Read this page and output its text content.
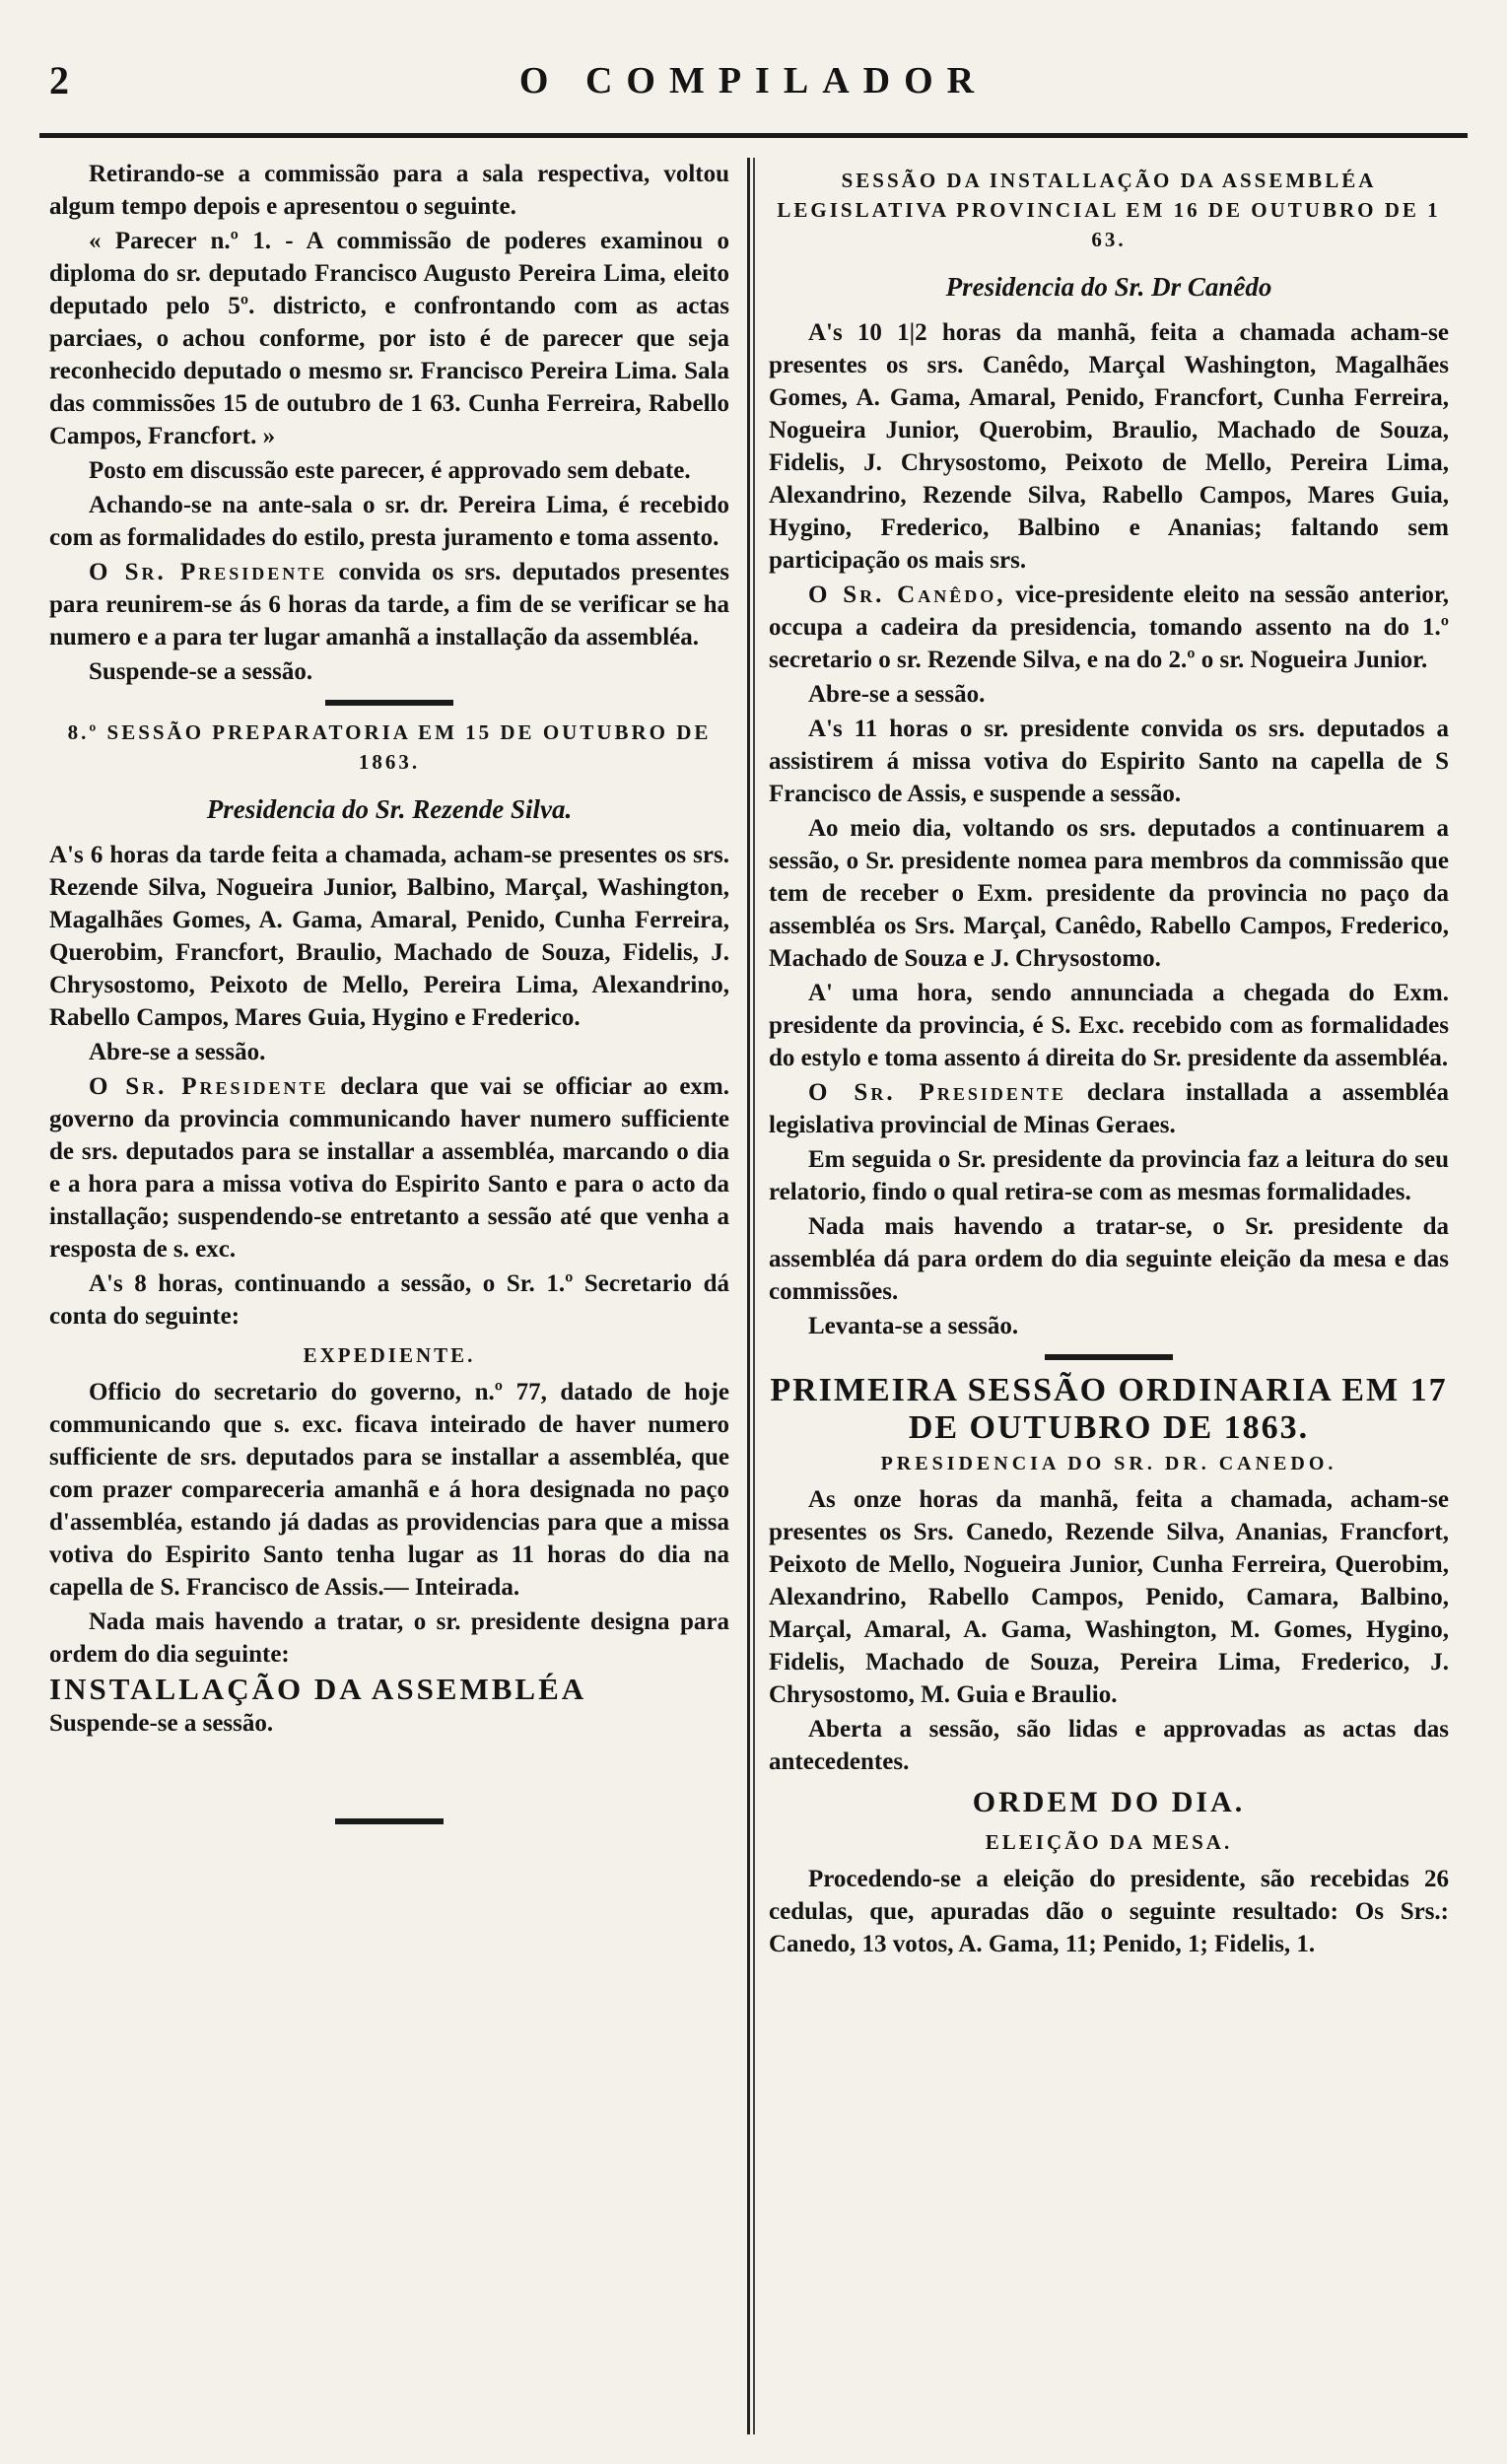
2	O COMPILADOR

Retirando-se a commissão para a sala respectiva, voltou algum tempo depois e apresentou o seguinte.

« Parecer n.º 1. - A commissão de poderes examinou o diploma do sr. deputado Francisco Augusto Pereira Lima, eleito deputado pelo 5º. districto, e confrontando com as actas parciaes, o achou conforme, por isto é de parecer que seja reconhecido deputado o mesmo sr. Francisco Pereira Lima. Sala das commissões 15 de outubro de 1 63. Cunha Ferreira, Rabello Campos, Francfort. »

Posto em discussão este parecer, é approvado sem debate.

Achando-se na ante-sala o sr. dr. Pereira Lima, é recebido com as formalidades do estilo, presta juramento e toma assento.

O Sr. Presidente convida os srs. deputados presentes para reunirem-se ás 6 horas da tarde, a fim de se verificar se ha numero e a para ter lugar amanhã a installação da assembléa.

Suspende-se a sessão.

8.º SESSÃO PREPARATORIA EM 15 DE OUTUBRO DE 1863.
Presidencia do Sr. Rezende Silva.

A's 6 horas da tarde feita a chamada, acham-se presentes os srs. Rezende Silva, Nogueira Junior, Balbino, Marçal, Washington, Magalhães Gomes, A. Gama, Amaral, Penido, Cunha Ferreira, Querobim, Francfort, Braulio, Machado de Souza, Fidelis, J. Chrysostomo, Peixoto de Mello, Pereira Lima, Alexandrino, Rabello Campos, Mares Guia, Hygino e Frederico.

Abre-se a sessão.

O Sr. Presidente declara que vai se officiar ao exm. governo da provincia communicando haver numero sufficiente de srs. deputados para se installar a assembléa, marcando o dia e a hora para a missa votiva do Espirito Santo e para o acto da installação; suspendendo-se entretanto a sessão até que venha a resposta de s. exc.

A's 8 horas, continuando a sessão, o Sr. 1.º Secretario dá conta do seguinte:

EXPEDIENTE.

Officio do secretario do governo, n.º 77, datado de hoje communicando que s. exc. ficava inteirado de haver numero sufficiente de srs. deputados para se installar a assembléa, que com prazer compareceria amanhã e á hora designada no paço d'assembléa, estando já dadas as providencias para que a missa votiva do Espirito Santo tenha lugar as 11 horas do dia na capella de S. Francisco de Assis.— Inteirada.

Nada mais havendo a tratar, o sr. presidente designa para ordem do dia seguinte:

INSTALLAÇÃO DA ASSEMBLÉA

Suspende-se a sessão.

SESSÃO DA INSTALLAÇÃO DA ASSEMBLÉA LEGISLATIVA PROVINCIAL EM 16 DE OUTUBRO DE 1 63.
Presidencia do Sr. Dr Canêdo

A's 10 1|2 horas da manhã, feita a chamada acham-se presentes os srs. Canêdo, Marçal Washington, Magalhães Gomes, A. Gama, Amaral, Penido, Francfort, Cunha Ferreira, Nogueira Junior, Querobim, Braulio, Machado de Souza, Fidelis, J. Chrysostomo, Peixoto de Mello, Pereira Lima, Alexandrino, Rezende Silva, Rabello Campos, Mares Guia, Hygino, Frederico, Balbino e Ananias; faltando sem participação os mais srs.

O Sr. Canêdo, vice-presidente eleito na sessão anterior, occupa a cadeira da presidencia, tomando assento na do 1.º secretario o sr. Rezende Silva, e na do 2.º o sr. Nogueira Junior.

Abre-se a sessão.

A's 11 horas o sr. presidente convida os srs. deputados a assistirem á missa votiva do Espirito Santo na capella de S Francisco de Assis, e suspende a sessão.

Ao meio dia, voltando os srs. deputados a continuarem a sessão, o Sr. presidente nomea para membros da commissão que tem de receber o Exm. presidente da provincia no paço da assembléa os Srs. Marçal, Canêdo, Rabello Campos, Frederico, Machado de Souza e J. Chrysostomo.

A' uma hora, sendo annunciada a chegada do Exm. presidente da provincia, é S. Exc. recebido com as formalidades do estylo e toma assento á direita do Sr. presidente da assembléa.

O Sr. Presidente declara installada a assembléa legislativa provincial de Minas Geraes.

Em seguida o Sr. presidente da provincia faz a leitura do seu relatorio, findo o qual retira-se com as mesmas formalidades.

Nada mais havendo a tratar-se, o Sr. presidente da assembléa dá para ordem do dia seguinte eleição da mesa e das commissões.

Levanta-se a sessão.

PRIMEIRA SESSÃO ORDINARIA EM 17 DE OUTUBRO DE 1863.
PRESIDENCIA DO SR. DR. CANEDO.

As onze horas da manhã, feita a chamada, acham-se presentes os Srs. Canedo, Rezende Silva, Ananias, Francfort, Peixoto de Mello, Nogueira Junior, Cunha Ferreira, Querobim, Alexandrino, Rabello Campos, Penido, Camara, Balbino, Marçal, Amaral, A. Gama, Washington, M. Gomes, Hygino, Fidelis, Machado de Souza, Pereira Lima, Frederico, J. Chrysostomo, M. Guia e Braulio.

Aberta a sessão, são lidas e approvadas as actas das antecedentes.

ORDEM DO DIA.
ELEIÇÃO DA MESA.

Procedendo-se a eleição do presidente, são recebidas 26 cedulas, que, apuradas dão o seguinte resultado: Os Srs.: Canedo, 13 votos, A. Gama, 11; Penido, 1; Fidelis, 1.
